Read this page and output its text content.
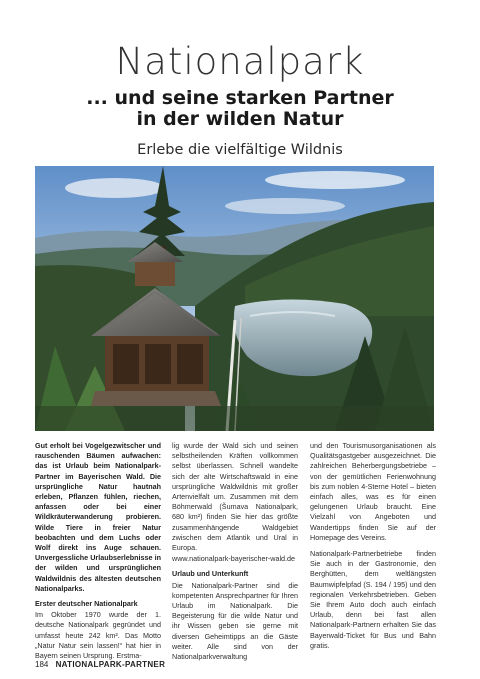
Nationalpark
... und seine starken Partner
in der wilden Natur
Erlebe die vielfältige Wildnis

Gut erholt bei Vogelgezwitscher und rauschenden Bäumen aufwachen: das ist Urlaub beim Nationalpark-Partner im Bayerischen Wald. Die ursprüngliche Natur hautnah erleben, Pflanzen fühlen, riechen, anfassen oder bei einer Wildkräuterwanderung probieren. Wilde Tiere in freier Natur beobachten und dem Luchs oder Wolf direkt ins Auge schauen. Unvergessliche Urlaubserlebnisse in der wilden und ursprünglichen Waldwildnis des ältesten deutschen Nationalparks.

Erster deutscher Nationalpark

Im Oktober 1970 wurde der 1. deutsche Nationalpark gegründet und umfasst heute 242 km². Das Motto „Natur Natur sein lassen!“ hat hier in Bayern seinen Ursprung. Erstma-

lig wurde der Wald sich und seinen selbstheilenden Kräften vollkommen selbst überlassen. Schnell wandelte sich der alte Wirtschaftswald in eine ursprüngliche Waldwildnis mit großer Artenvielfalt um. Zusammen mit dem Böhmerwald (Šumava Nationalpark, 680 km²) finden Sie hier das größte zusammenhängende Waldgebiet zwischen dem Atlantik und Ural in Europa.

www.nationalpark-bayerischer-wald.de

Urlaub und Unterkunft

Die Nationalpark-Partner sind die kompetenten Ansprechpartner für Ihren Urlaub im Nationalpark. Die Begeisterung für die wilde Natur und ihr Wissen geben sie gerne mit diversen Geheimtipps an die Gäste weiter. Alle sind von der Nationalparkverwaltung

und den Tourismusorganisationen als Qualitätsgastgeber ausgezeichnet. Die zahlreichen Beherbergungsbetriebe – von der gemütlichen Ferienwohnung bis zum noblen 4-Sterne Hotel – bieten einfach alles, was es für einen gelungenen Urlaub braucht. Eine Vielzahl von Angeboten und Wandertipps finden Sie auf der Homepage des Vereins.

Nationalpark-Partnerbetriebe finden Sie auch in der Gastronomie, den Berghütten, dem weltlängsten Baumwipfelpfad (S. 194 / 195) und den regionalen Verkehrsbetrieben. Geben Sie Ihrem Auto doch auch einfach Urlaub, denn bei fast allen Nationalpark-Partnern erhalten Sie das Bayerwald-Ticket für Bus und Bahn gratis.

184 NATIONALPARK-PARTNER
